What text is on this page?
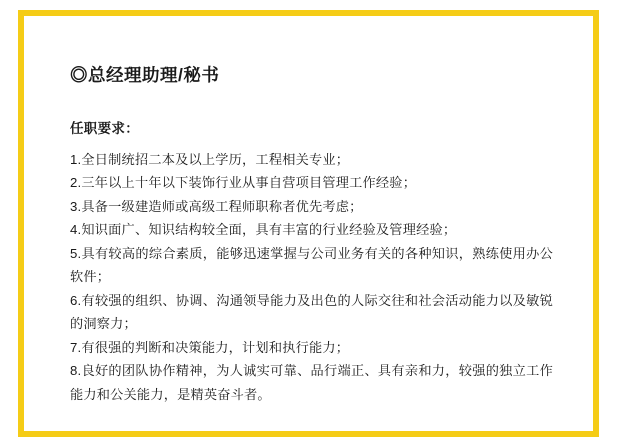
◎总经理助理/秘书
任职要求：
1.全日制统招二本及以上学历，工程相关专业；
2.三年以上十年以下装饰行业从事自营项目管理工作经验；
3.具备一级建造师或高级工程师职称者优先考虑；
4.知识面广、知识结构较全面，具有丰富的行业经验及管理经验；
5.具有较高的综合素质，能够迅速掌握与公司业务有关的各种知识，熟练使用办公软件；
6.有较强的组织、协调、沟通领导能力及出色的人际交往和社会活动能力以及敏锐的洞察力；
7.有很强的判断和决策能力，计划和执行能力；
8.良好的团队协作精神，为人诚实可靠、品行端正、具有亲和力，较强的独立工作能力和公关能力，是精英奋斗者。
